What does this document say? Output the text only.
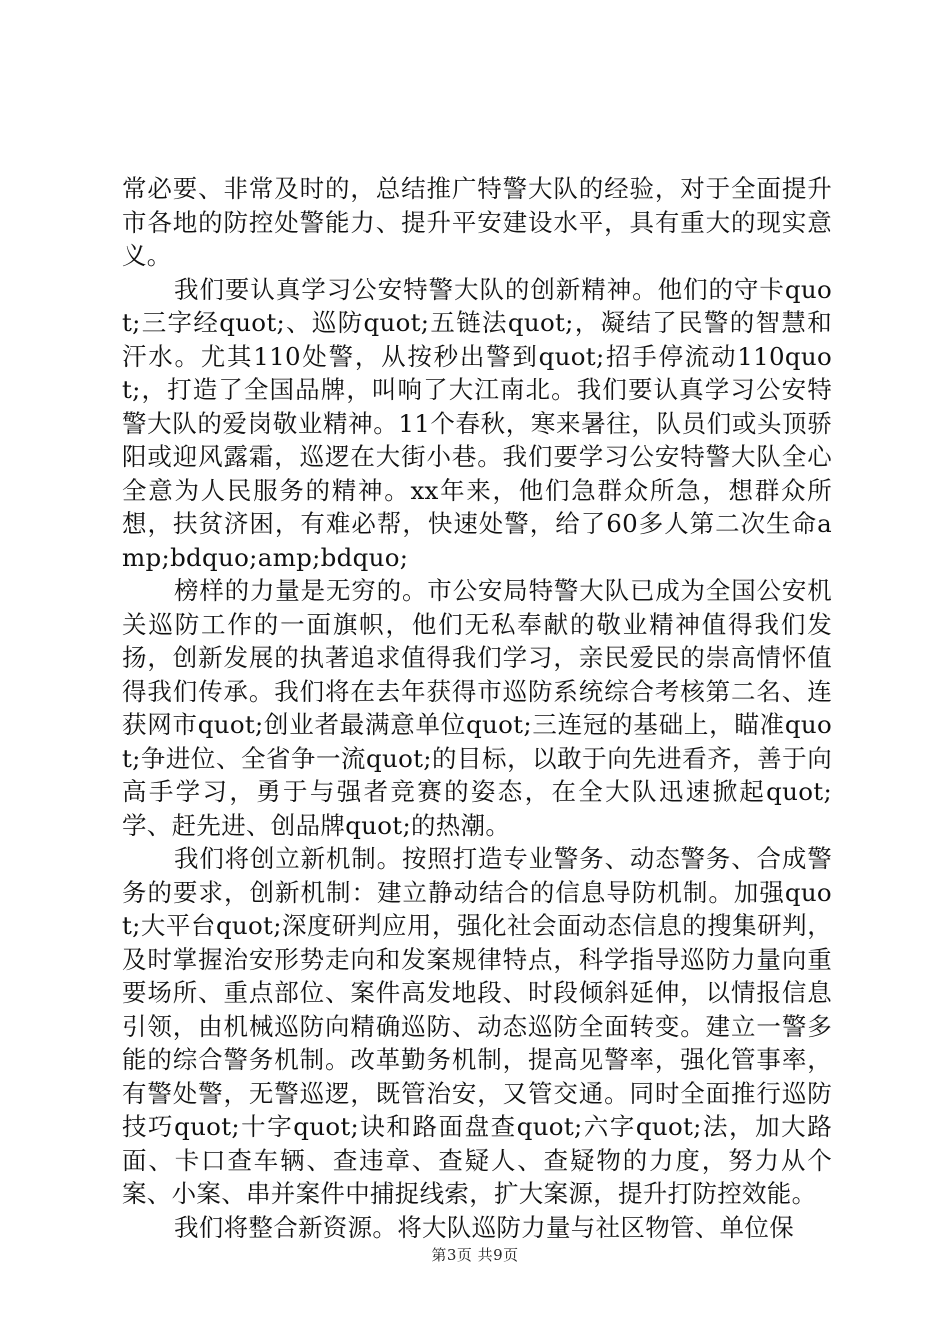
常必要、非常及时的，总结推广特警大队的经验，对于全面提升市各地的防控处警能力、提升平安建设水平，具有重大的现实意义。

我们要认真学习公安特警大队的创新精神。他们的守卡quot;三字经quot;、巡防quot;五链法quot;，凝结了民警的智慧和汗水。尤其110处警，从按秒出警到quot;招手停流动110quot;，打造了全国品牌，叫响了大江南北。我们要认真学习公安特警大队的爱岗敬业精神。11个春秋，寒来暑往，队员们或头顶骄阳或迎风露霜，巡逻在大街小巷。我们要学习公安特警大队全心全意为人民服务的精神。xx年来，他们急群众所急，想群众所想，扶贫济困，有难必帮，快速处警，给了60多人第二次生命amp;bdquo;amp;bdquo;

榜样的力量是无穷的。市公安局特警大队已成为全国公安机关巡防工作的一面旗帜，他们无私奉献的敬业精神值得我们发扬，创新发展的执著追求值得我们学习，亲民爱民的崇高情怀值得我们传承。我们将在去年获得市巡防系统综合考核第二名、连获网市quot;创业者最满意单位quot;三连冠的基础上，瞄准quot;争进位、全省争一流quot;的目标，以敢于向先进看齐，善于向高手学习，勇于与强者竞赛的姿态，在全大队迅速掀起quot;学、赶先进、创品牌quot;的热潮。

我们将创立新机制。按照打造专业警务、动态警务、合成警务的要求，创新机制：建立静动结合的信息导防机制。加强quot;大平台quot;深度研判应用，强化社会面动态信息的搜集研判，及时掌握治安形势走向和发案规律特点，科学指导巡防力量向重要场所、重点部位、案件高发地段、时段倾斜延伸，以情报信息引领，由机械巡防向精确巡防、动态巡防全面转变。建立一警多能的综合警务机制。改革勤务机制，提高见警率，强化管事率，有警处警，无警巡逻，既管治安，又管交通。同时全面推行巡防技巧quot;十字quot;诀和路面盘查quot;六字quot;法，加大路面、卡口查车辆、查违章、查疑人、查疑物的力度，努力从个案、小案、串并案件中捕捉线索，扩大案源，提升打防控效能。

我们将整合新资源。将大队巡防力量与社区物管、单位保

第3页 共9页
